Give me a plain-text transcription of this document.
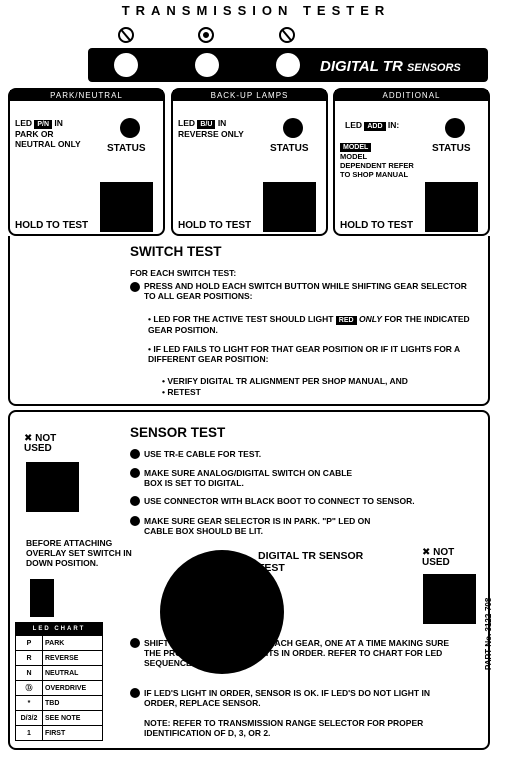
TRANSMISSION TESTER
DIGITAL TR SENSORS
PARK/NEUTRAL
LED P/N IN
PARK OR NEUTRAL ONLY	STATUS
HOLD TO TEST
BACK-UP LAMPS
LED B/U IN
REVERSE ONLY
STATUS
HOLD TO TEST
ADDITIONAL
LED ADD IN:
MODEL
MODEL DEPENDENT REFER TO SHOP MANUAL
STATUS
HOLD TO TEST
SWITCH TEST
FOR EACH SWITCH TEST:
PRESS AND HOLD EACH SWITCH BUTTON WHILE SHIFTING GEAR SELECTOR TO ALL GEAR POSITIONS:
• LED FOR THE ACTIVE TEST SHOULD LIGHT RED ONLY FOR THE INDICATED GEAR POSITION.
• IF LED FAILS TO LIGHT FOR THAT GEAR POSITION OR IF IT LIGHTS FOR A DIFFERENT GEAR POSITION:
• VERIFY DIGITAL TR ALIGNMENT PER SHOP MANUAL, AND
• RETEST
SENSOR TEST
✖ NOT USED	USE TR-E CABLE FOR TEST.
MAKE SURE ANALOG/DIGITAL SWITCH ON CABLE BOX IS SET TO DIGITAL.
USE CONNECTOR WITH BLACK BOOT TO CONNECT TO SENSOR.
MAKE SURE GEAR SELECTOR IS IN PARK. "P" LED ON CABLE BOX SHOULD BE LIT.
BEFORE ATTACHING OVERLAY SET SWITCH IN DOWN POSITION.
DIGITAL TR SENSOR TEST
✖ NOT USED
SHIFT GEAR SELECTOR INTO EACH GEAR, ONE AT A TIME MAKING SURE THE PROPER GEAR LED LIGHTS IN ORDER. REFER TO CHART FOR LED SEQUENCE.
IF LED'S LIGHT IN ORDER, SENSOR IS OK. IF LED'S DO NOT LIGHT IN ORDER, REPLACE SENSOR.
NOTE: REFER TO TRANSMISSION RANGE SELECTOR FOR PROPER IDENTIFICATION OF D, 3, OR 2.
LED CHART	
P	PARK
R	REVERSE
N	NEUTRAL
Ⓓ	OVERDRIVE
*	TBD
D/3/2	SEE NOTE
1	FIRST
PART No. 3122-708
